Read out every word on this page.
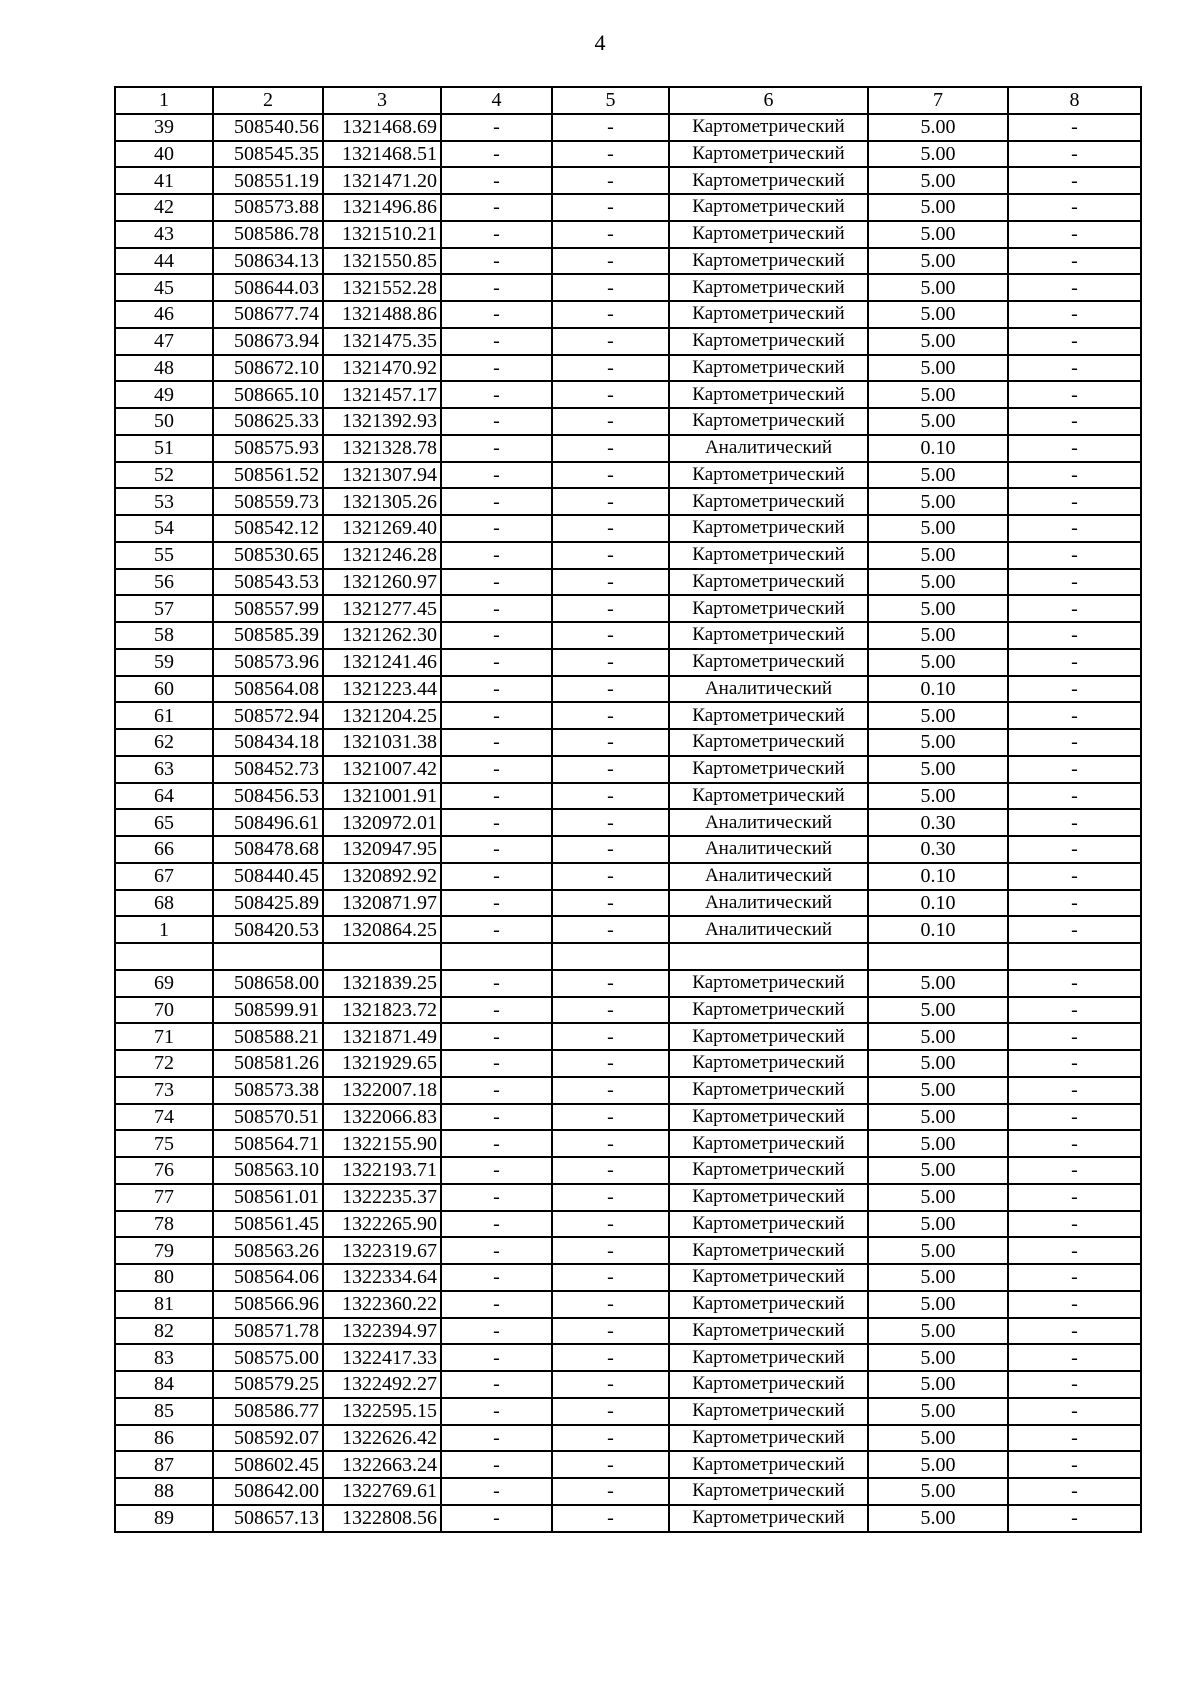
4
1	2	3	4	5	6	7	8
39	508540.56	1321468.69	-	-	Картометрический	5.00	-
40	508545.35	1321468.51	-	-	Картометрический	5.00	-
41	508551.19	1321471.20	-	-	Картометрический	5.00	-
42	508573.88	1321496.86	-	-	Картометрический	5.00	-
43	508586.78	1321510.21	-	-	Картометрический	5.00	-
44	508634.13	1321550.85	-	-	Картометрический	5.00	-
45	508644.03	1321552.28	-	-	Картометрический	5.00	-
46	508677.74	1321488.86	-	-	Картометрический	5.00	-
47	508673.94	1321475.35	-	-	Картометрический	5.00	-
48	508672.10	1321470.92	-	-	Картометрический	5.00	-
49	508665.10	1321457.17	-	-	Картометрический	5.00	-
50	508625.33	1321392.93	-	-	Картометрический	5.00	-
51	508575.93	1321328.78	-	-	Аналитический	0.10	-
52	508561.52	1321307.94	-	-	Картометрический	5.00	-
53	508559.73	1321305.26	-	-	Картометрический	5.00	-
54	508542.12	1321269.40	-	-	Картометрический	5.00	-
55	508530.65	1321246.28	-	-	Картометрический	5.00	-
56	508543.53	1321260.97	-	-	Картометрический	5.00	-
57	508557.99	1321277.45	-	-	Картометрический	5.00	-
58	508585.39	1321262.30	-	-	Картометрический	5.00	-
59	508573.96	1321241.46	-	-	Картометрический	5.00	-
60	508564.08	1321223.44	-	-	Аналитический	0.10	-
61	508572.94	1321204.25	-	-	Картометрический	5.00	-
62	508434.18	1321031.38	-	-	Картометрический	5.00	-
63	508452.73	1321007.42	-	-	Картометрический	5.00	-
64	508456.53	1321001.91	-	-	Картометрический	5.00	-
65	508496.61	1320972.01	-	-	Аналитический	0.30	-
66	508478.68	1320947.95	-	-	Аналитический	0.30	-
67	508440.45	1320892.92	-	-	Аналитический	0.10	-
68	508425.89	1320871.97	-	-	Аналитический	0.10	-
1	508420.53	1320864.25	-	-	Аналитический	0.10	-

69	508658.00	1321839.25	-	-	Картометрический	5.00	-
70	508599.91	1321823.72	-	-	Картометрический	5.00	-
71	508588.21	1321871.49	-	-	Картометрический	5.00	-
72	508581.26	1321929.65	-	-	Картометрический	5.00	-
73	508573.38	1322007.18	-	-	Картометрический	5.00	-
74	508570.51	1322066.83	-	-	Картометрический	5.00	-
75	508564.71	1322155.90	-	-	Картометрический	5.00	-
76	508563.10	1322193.71	-	-	Картометрический	5.00	-
77	508561.01	1322235.37	-	-	Картометрический	5.00	-
78	508561.45	1322265.90	-	-	Картометрический	5.00	-
79	508563.26	1322319.67	-	-	Картометрический	5.00	-
80	508564.06	1322334.64	-	-	Картометрический	5.00	-
81	508566.96	1322360.22	-	-	Картометрический	5.00	-
82	508571.78	1322394.97	-	-	Картометрический	5.00	-
83	508575.00	1322417.33	-	-	Картометрический	5.00	-
84	508579.25	1322492.27	-	-	Картометрический	5.00	-
85	508586.77	1322595.15	-	-	Картометрический	5.00	-
86	508592.07	1322626.42	-	-	Картометрический	5.00	-
87	508602.45	1322663.24	-	-	Картометрический	5.00	-
88	508642.00	1322769.61	-	-	Картометрический	5.00	-
89	508657.13	1322808.56	-	-	Картометрический	5.00	-
